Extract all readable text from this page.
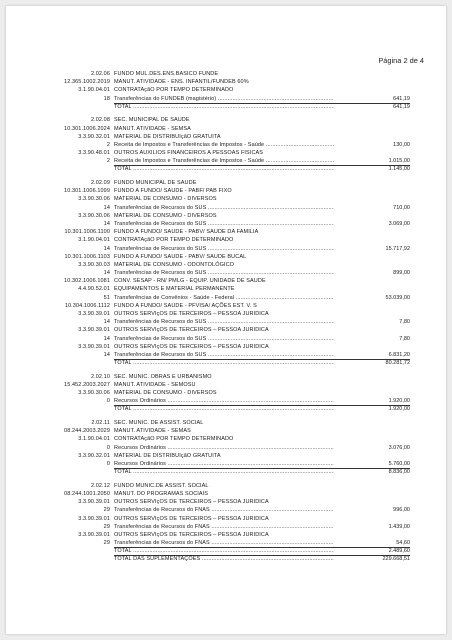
Página 2 de 4
2.02.06 FUNDO MUL.DES.ENS.BASICO FUNDE
12.365.1002.2019 MANUT. ATIVIDADE - ENS. INFANTIL/FUNDEB 60%
3.1.90.04.01 CONTRATAçãO POR TEMPO DETERMINADO
18 Transferências do FUNDEB (magistério) .....	641,19
TOTAL .....	641,19
2.02.08 SEC. MUNICIPAL DE SAUDE
10.301.1006.2024 MANUT. ATIVIDADE - SEMSA
3.3.90.32.01 MATERIAL DE DISTRIBUIçãO GRATUITA
2 Receita de Impostos e Transferências de Impostos - Saúde .....	130,00
3.3.90.48.01 OUTROS AUXILIOS FINANCEIROS A PESSOAS FISICAS
2 Receita de Impostos e Transferências de Impostos - Saúde .....	1.015,00
TOTAL .....	1.145,00
2.02.09 FUNDO MUNICIPAL DE SAUDE
10.301.1006.1099 FUNDO A FUNDO/ SAUDE - PABF/ PAB FIXO
3.3.90.30.06 MATERIAL DE CONSUMO - DIVERSOS
14 Transferências de Recursos do SUS .....	710,00
3.3.90.30.06 MATERIAL DE CONSUMO - DIVERSOS
14 Transferências de Recursos do SUS .....	3.069,00
10.301.1006.1100 FUNDO A FUNDO/ SAUDE - PABV/ SAUDE DA FAMILIA
3.1.90.04.01 CONTRATAçãO POR TEMPO DETERMINADO
14 Transferências de Recursos do SUS .....	15.717,92
10.301.1006.1103 FUNDO A FUNDO/ SAUDE - PABV/ SAUDE BUCAL
3.3.90.30.03 MATERIAL DE CONSUMO - ODONTOLÓGICO
14 Transferências de Recursos do SUS .....	899,00
10.302.1006.1081 CONV. SESAP - RN/ PMLG - EQUIP. UNIDADE DE SAUDE
4.4.90.52.01 EQUIPAMENTOS E MATERIAL PERMANENTE
51 Transferências de Convênios - Saúde - Federal .....	53.039,00
10.304.1006.1112 FUNDO A FUNDO/ SAUDE - PFVISA/ AÇÕES EST. V. S
3.3.90.39.01 OUTROS SERVIçOS DE TERCEIROS – PESSOA JURIDICA
14 Transferências de Recursos do SUS .....	7,80
3.3.90.39.01 OUTROS SERVIçOS DE TERCEIROS – PESSOA JURIDICA
14 Transferências de Recursos do SUS .....	7,80
3.3.90.39.01 OUTROS SERVIçOS DE TERCEIROS – PESSOA JURIDICA
14 Transferências de Recursos do SUS .....	6.831,20
TOTAL .....	80.281,72
2.02.10 SEC. MUNIC. OBRAS E URBANISMO
15.452.2003.2027 MANUT. ATIVIDADE - SEMOSU
3.3.90.30.06 MATERIAL DE CONSUMO - DIVERSOS
0 Recursos Ordinários .....	1.920,00
TOTAL .....	1.920,00
2.02.11 SEC. MUNIC. DE ASSIST. SOCIAL
08.244.2003.2029 MANUT. ATIVIDADE - SEMAS
3.1.90.04.01 CONTRATAçãO POR TEMPO DETERMINADO
0 Recursos Ordinários .....	3.076,00
3.3.90.32.01 MATERIAL DE DISTRIBUIçãO GRATUITA
0 Recursos Ordinários .....	5.760,00
TOTAL .....	8.836,00
2.02.12 FUNDO MUNIC.DE ASSIST. SOCIAL
08.244.1001.2050 MANUT. DO PROGRAMAS SOCIAIS
3.3.90.39.01 OUTROS SERVIçOS DE TERCEIROS – PESSOA JURIDICA
29 Transferências de Recursos do FNAS .....	996,00
3.3.90.39.01 OUTROS SERVIçOS DE TERCEIROS – PESSOA JURIDICA
29 Transferências de Recursos do FNAS .....	1.439,00
3.3.90.39.01 OUTROS SERVIçOS DE TERCEIROS – PESSOA JURIDICA
29 Transferências de Recursos do FNAS .....	54,60
TOTAL .....	2.489,60
TOTAL DAS SUPLEMENTAÇÕES .....	229.668,51
